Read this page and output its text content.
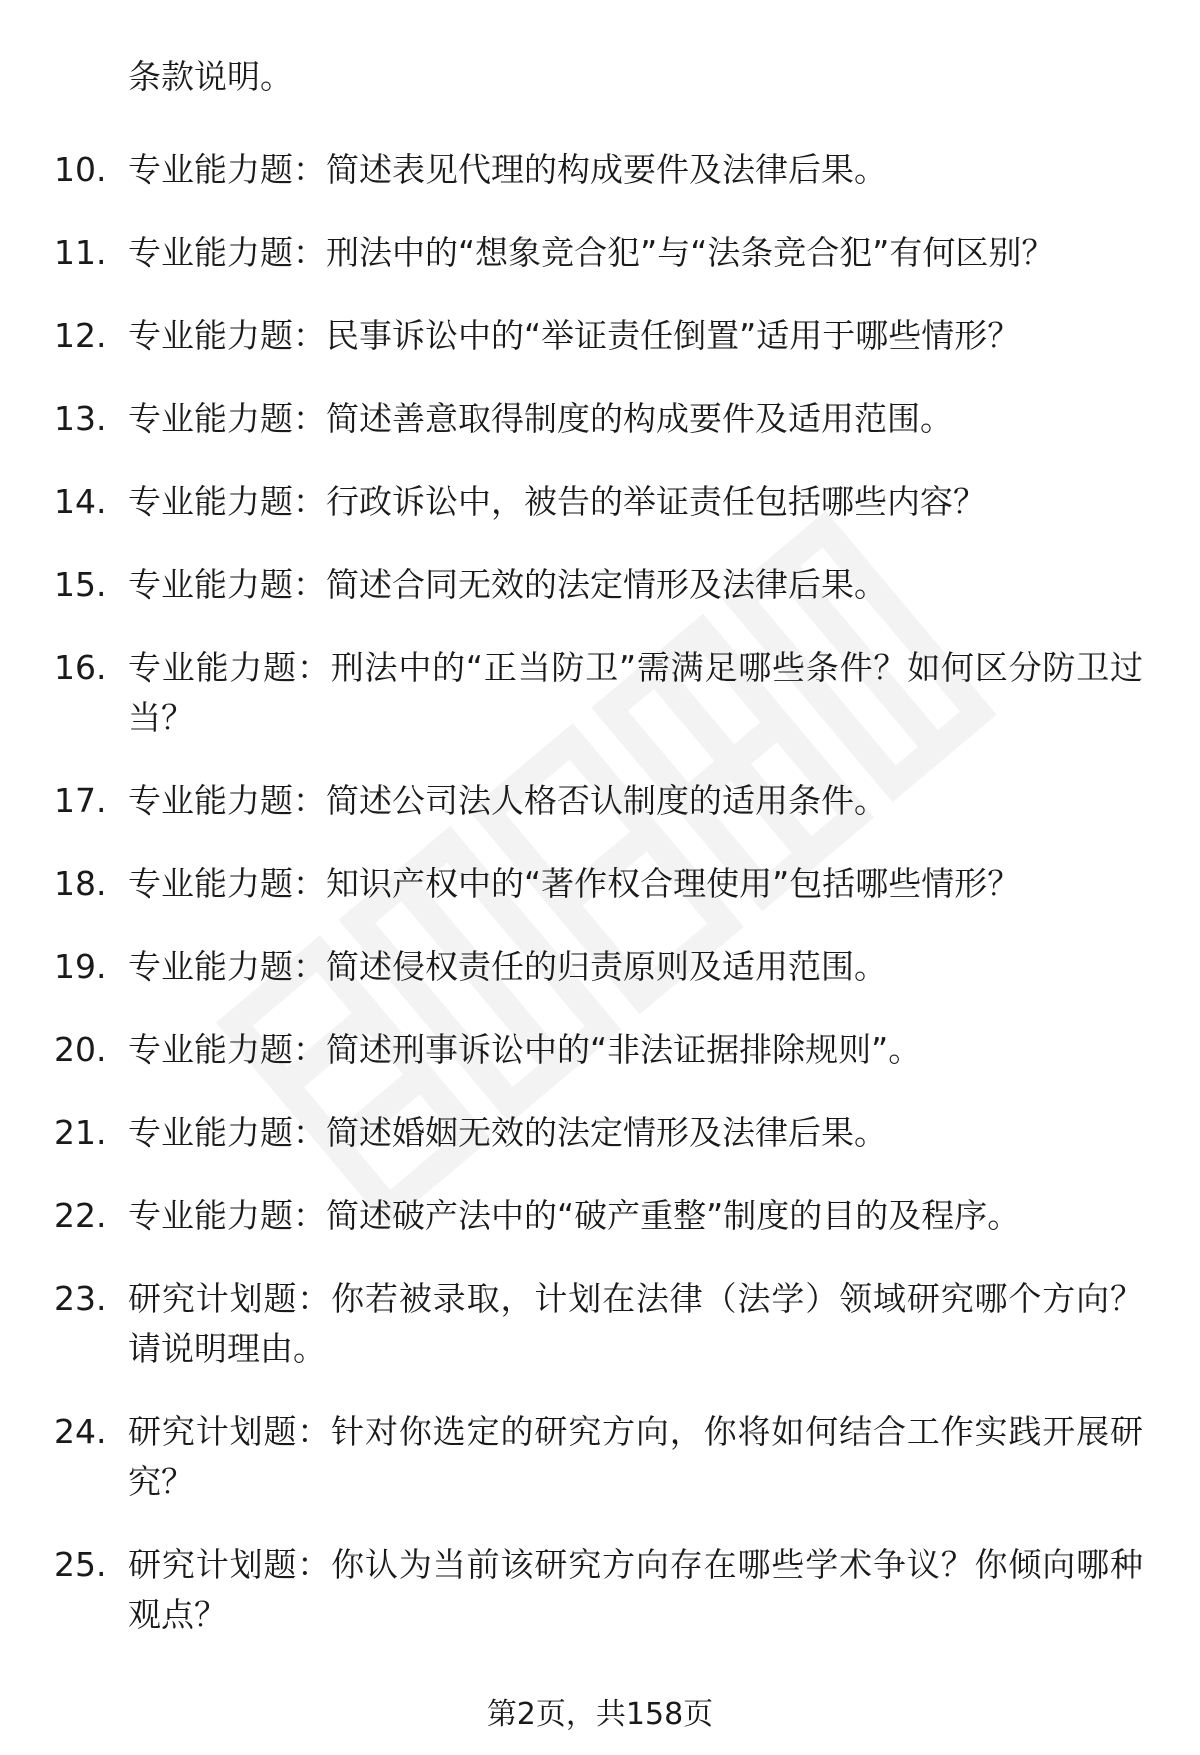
条款说明。

10. 专业能力题：简述表见代理的构成要件及法律后果。
11. 专业能力题：刑法中的“想象竞合犯”与“法条竞合犯”有何区别？
12. 专业能力题：民事诉讼中的“举证责任倒置”适用于哪些情形？
13. 专业能力题：简述善意取得制度的构成要件及适用范围。
14. 专业能力题：行政诉讼中，被告的举证责任包括哪些内容？
15. 专业能力题：简述合同无效的法定情形及法律后果。
16. 专业能力题：刑法中的“正当防卫”需满足哪些条件？如何区分防卫过当？
17. 专业能力题：简述公司法人格否认制度的适用条件。
18. 专业能力题：知识产权中的“著作权合理使用”包括哪些情形？
19. 专业能力题：简述侵权责任的归责原则及适用范围。
20. 专业能力题：简述刑事诉讼中的“非法证据排除规则”。
21. 专业能力题：简述婚姻无效的法定情形及法律后果。
22. 专业能力题：简述破产法中的“破产重整”制度的目的及程序。
23. 研究计划题：你若被录取，计划在法律（法学）领域研究哪个方向？请说明理由。
24. 研究计划题：针对你选定的研究方向，你将如何结合工作实践开展研究？
25. 研究计划题：你认为当前该研究方向存在哪些学术争议？你倾向哪种观点？
第2页，共158页
